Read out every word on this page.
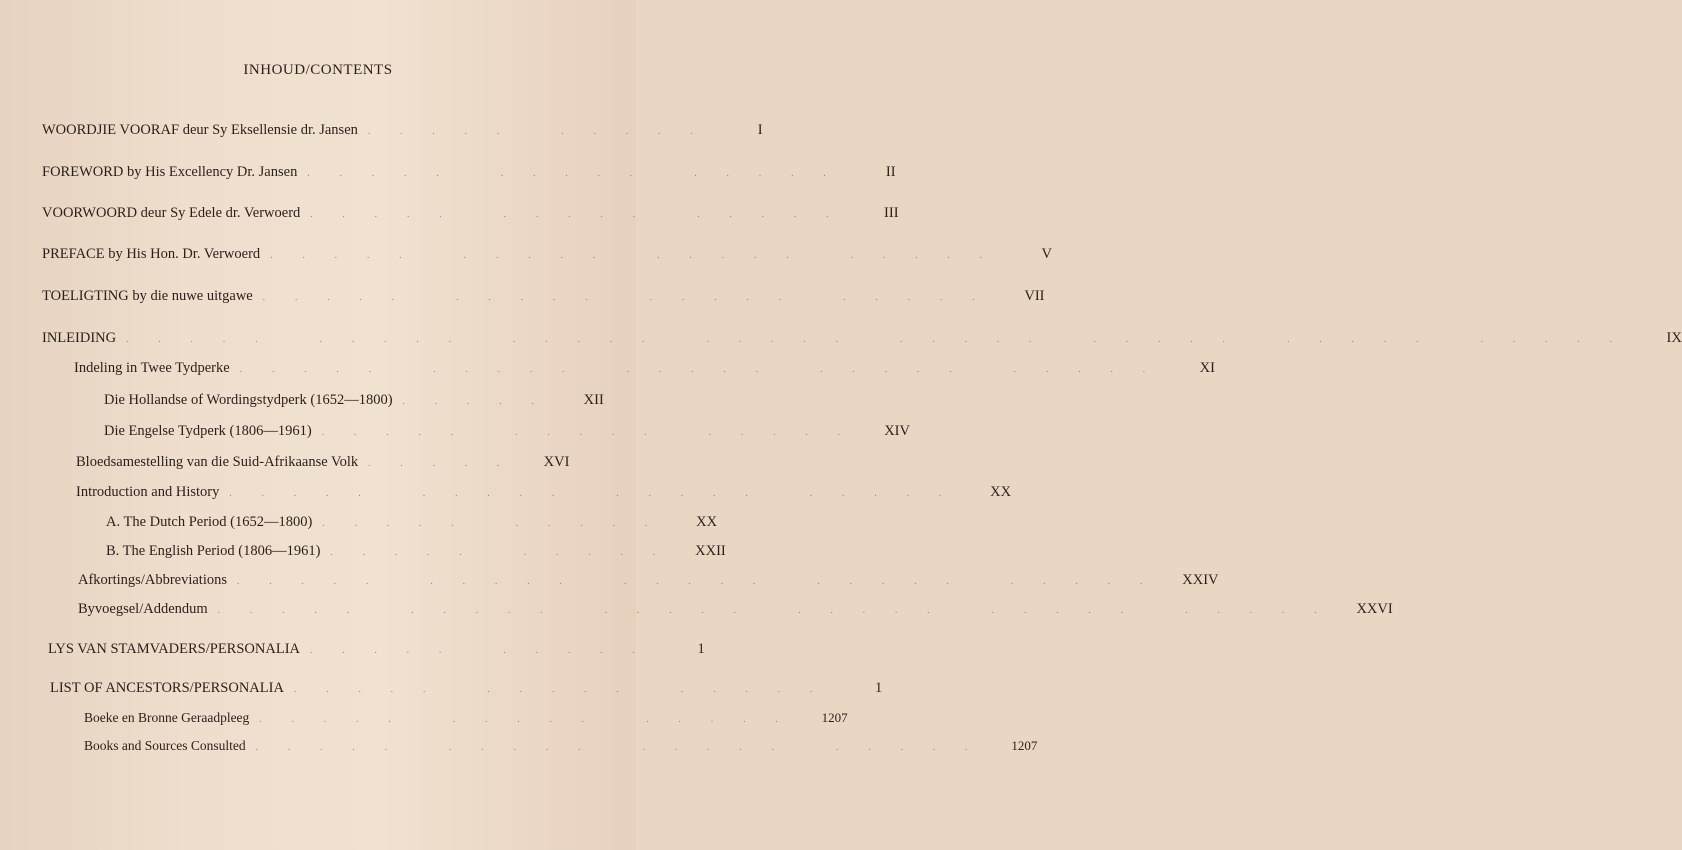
INHOUD/CONTENTS
WOORDJIE VOORAF deur Sy Eksellensie dr. Jansen ..... .....	I
FOREWORD by His Excellency Dr. Jansen ..... ..... .....	II
VOORWOORD deur Sy Edele dr. Verwoerd ..... ..... .....	III
PREFACE by His Hon. Dr. Verwoerd ..... ..... ..... .....	V
TOELIGTING by die nuwe uitgawe ..... ..... ..... .....	VII
INLEIDING ..... ..... ..... ..... ..... ..... ..... .....	IX
Indeling in Twee Tydperke ..... ..... ..... ..... .....	XI
Die Hollandse of Wordingstydperk (1652—1800) .....	XII
Die Engelse Tydperk (1806—1961) ..... ..... ..... XIV
Bloedsamestelling van die Suid-Afrikaanse Volk ..... XVI
Introduction and History ..... ..... ..... .....	XX
A. The Dutch Period (1652—1800) ..... .....	XX
B. The English Period (1806—1961) ..... ..... XXII
Afkortings/Abbreviations ..... ..... ..... ..... ..... XXIV
Byvoegsel/Addendum ..... ..... ..... ..... ..... ..... XXVI
LYS VAN STAMVADERS/PERSONALIA ..... .....	1
LIST OF ANCESTORS/PERSONALIA ..... ..... .....	1
Boeke en Bronne Geraadpleeg ..... ..... .....	1207
Books and Sources Consulted ..... ..... ..... .....	1207
